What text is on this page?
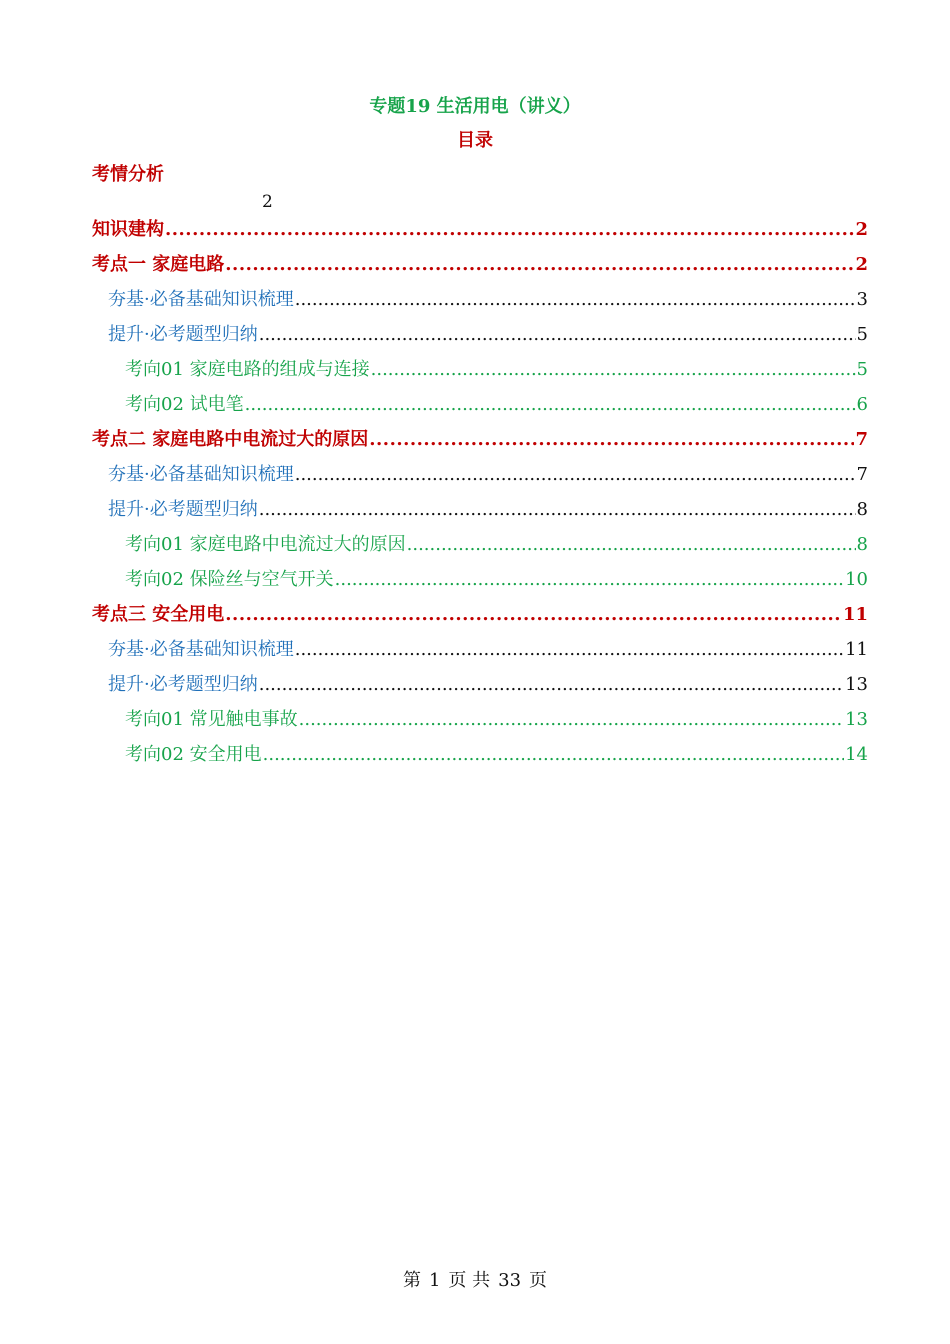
专题19 生活用电（讲义）
目录
考情分析
2
知识建构 .....	2
考点一 家庭电路 .....	2
夯基·必备基础知识梳理 .....	3
提升·必考题型归纳 .....	5
考向01 家庭电路的组成与连接 .....	5
考向02 试电笔 .....	6
考点二 家庭电路中电流过大的原因 .....	7
夯基·必备基础知识梳理 .....	7
提升·必考题型归纳 .....	8
考向01 家庭电路中电流过大的原因 .....	8
考向02 保险丝与空气开关 .....	10
考点三 安全用电 .....	11
夯基·必备基础知识梳理 .....	11
提升·必考题型归纳 .....	13
考向01 常见触电事故 .....	13
考向02 安全用电 .....	14
第 1 页 共 33 页
